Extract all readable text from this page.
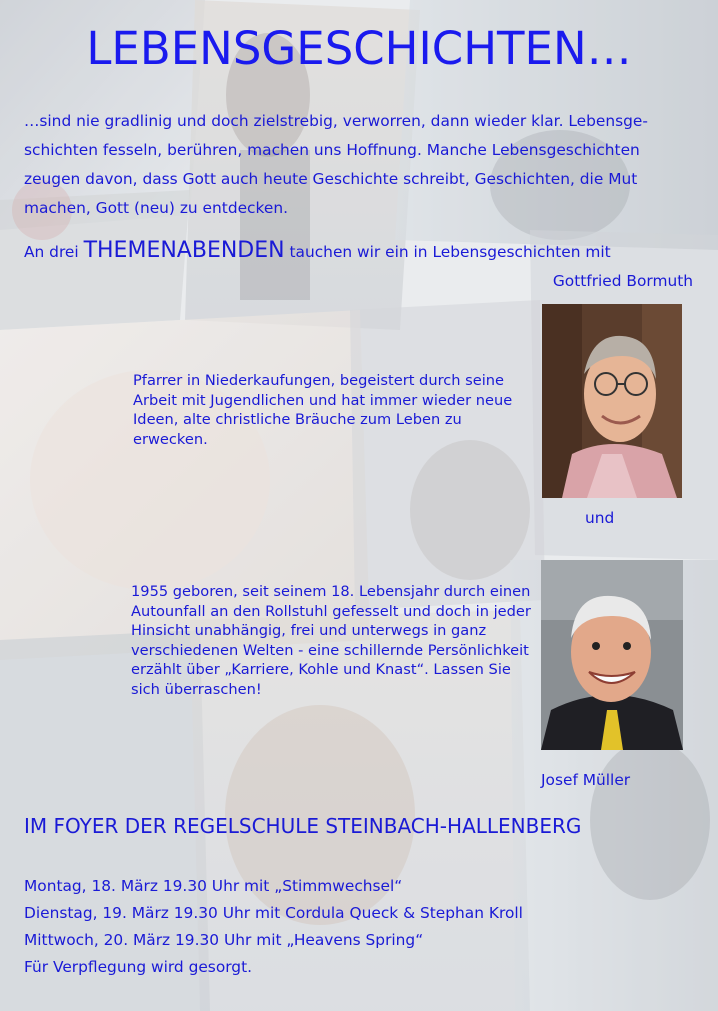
LEBENSGESCHICHTEN…
…sind nie gradlinig und doch zielstrebig, verworren, dann wieder klar. Lebensge-schichten fesseln, berühren, machen uns Hoffnung. Manche Lebensgeschichten zeugen davon, dass Gott auch heute Geschichte schreibt, Geschichten, die Mut machen, Gott (neu) zu entdecken.
An drei THEMENABENDEN tauchen wir ein in Lebensgeschichten mit
Gottfried Bormuth
Pfarrer in Niederkaufungen, begeistert durch seine Arbeit mit Jugendlichen und hat immer wieder neue Ideen, alte christliche Bräuche zum Leben zu erwecken.
und
1955 geboren, seit seinem 18. Lebensjahr durch einen Autounfall an den Rollstuhl gefesselt und doch in jeder Hinsicht unabhängig, frei und unterwegs in ganz verschiedenen Welten - eine schillernde Persönlichkeit erzählt über „Karriere, Kohle und Knast“. Lassen Sie sich überraschen!
Josef Müller
IM FOYER DER REGELSCHULE STEINBACH-HALLENBERG
Montag, 18. März 19.30 Uhr mit „Stimmwechsel“
Dienstag, 19. März 19.30 Uhr mit Cordula Queck & Stephan Kroll
Mittwoch, 20. März 19.30 Uhr mit „Heavens Spring“
Für Verpflegung wird gesorgt.
